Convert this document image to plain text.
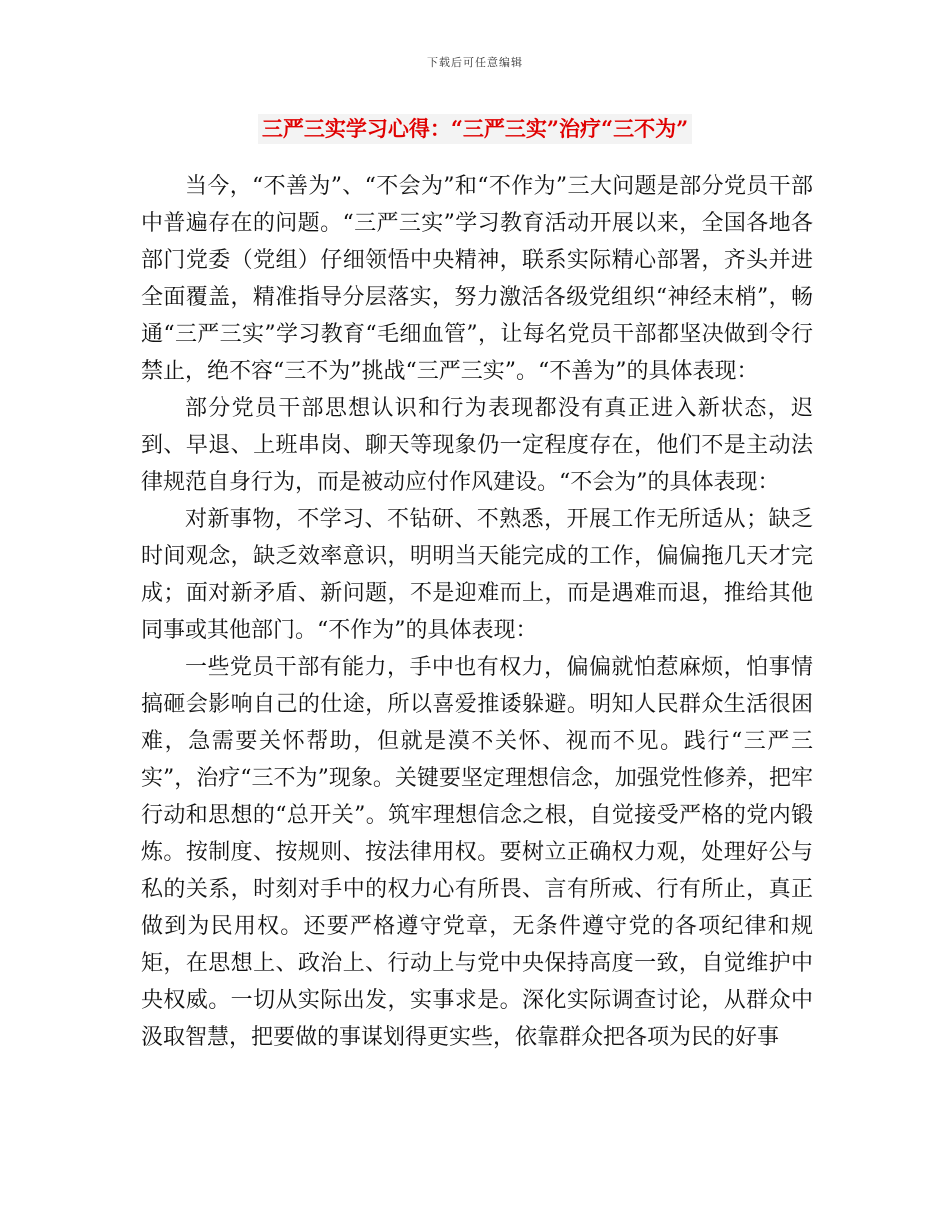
下载后可任意编辑
三严三实学习心得：“三严三实”治疗“三不为”

当今，“不善为”、“不会为”和“不作为”三大问题是部分党员干部中普遍存在的问题。“三严三实”学习教育活动开展以来，全国各地各部门党委（党组）仔细领悟中央精神，联系实际精心部署，齐头并进全面覆盖，精准指导分层落实，努力激活各级党组织“神经末梢”，畅通“三严三实”学习教育“毛细血管”，让每名党员干部都坚决做到令行禁止，绝不容“三不为”挑战“三严三实”。“不善为”的具体表现：

部分党员干部思想认识和行为表现都没有真正进入新状态，迟到、早退、上班串岗、聊天等现象仍一定程度存在，他们不是主动法律规范自身行为，而是被动应付作风建设。“不会为”的具体表现：

对新事物，不学习、不钻研、不熟悉，开展工作无所适从；缺乏时间观念，缺乏效率意识，明明当天能完成的工作，偏偏拖几天才完成；面对新矛盾、新问题，不是迎难而上，而是遇难而退，推给其他同事或其他部门。“不作为”的具体表现：

一些党员干部有能力，手中也有权力，偏偏就怕惹麻烦，怕事情搞砸会影响自己的仕途，所以喜爱推诿躲避。明知人民群众生活很困难，急需要关怀帮助，但就是漠不关怀、视而不见。践行“三严三实”，治疗“三不为”现象。关键要坚定理想信念，加强党性修养，把牢行动和思想的“总开关”。筑牢理想信念之根，自觉接受严格的党内锻炼。按制度、按规则、按法律用权。要树立正确权力观，处理好公与私的关系，时刻对手中的权力心有所畏、言有所戒、行有所止，真正做到为民用权。还要严格遵守党章，无条件遵守党的各项纪律和规矩，在思想上、政治上、行动上与党中央保持高度一致，自觉维护中央权威。一切从实际出发，实事求是。深化实际调查讨论，从群众中汲取智慧，把要做的事谋划得更实些，依靠群众把各项为民的好事
